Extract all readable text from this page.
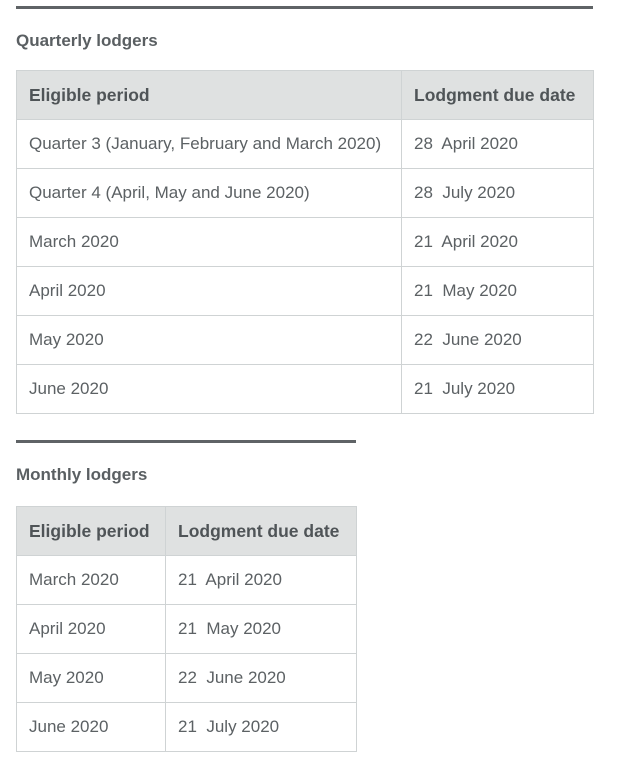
Quarterly lodgers
Eligible period	Lodgment due date
Quarter 3 (January, February and March 2020)	28  April 2020
Quarter 4 (April, May and June 2020)	28  July 2020
March 2020	21  April 2020
April 2020	21  May 2020
May 2020	22  June 2020
June 2020	21  July 2020
Monthly lodgers
Eligible period	Lodgment due date
March 2020	21  April 2020
April 2020	21  May 2020
May 2020	22  June 2020
June 2020	21  July 2020
